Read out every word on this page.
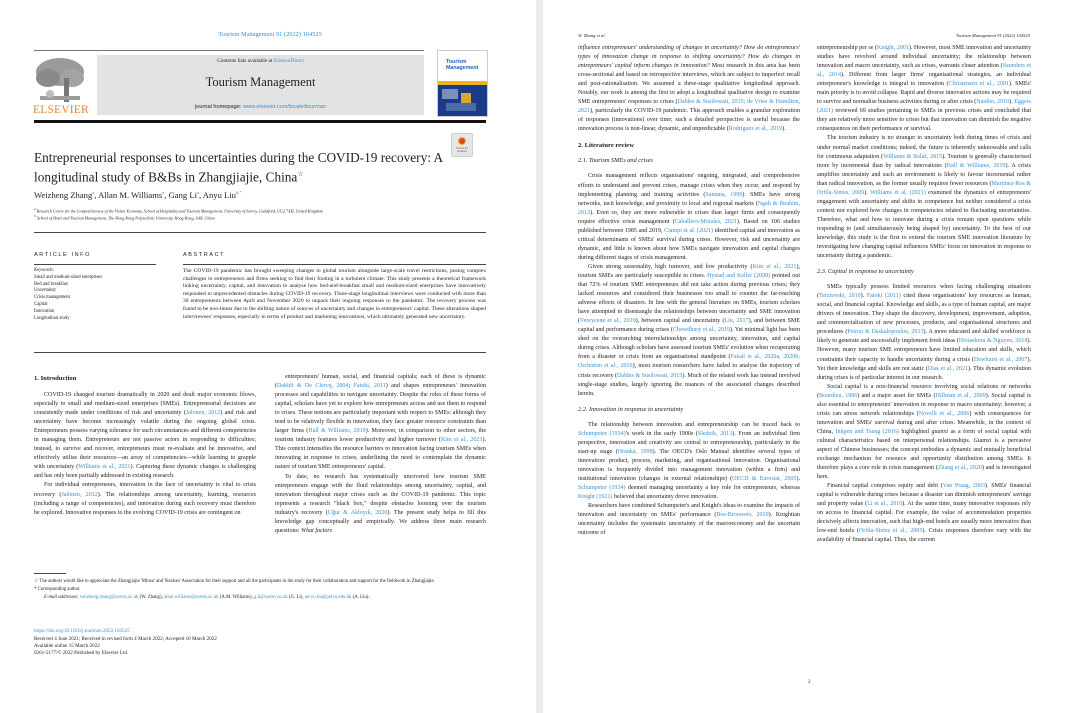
Tourism Management 91 (2022) 104525
ELSEVIER
Contents lists available at ScienceDirect
Tourism Management
journal homepage: www.elsevier.com/locate/tourman
Tourism Management
Check for updates
Entrepreneurial responses to uncertainties during the COVID-19 recovery: A longitudinal study of B&Bs in Zhangjiajie, China☆
Weizheng Zhang$^a$, Allan M. Williams$^a$, Gang Li$^a$, Anyu Liu$^{b,*}$
$^a$ Research Centre for the Competitiveness of the Visitor Economy, School of Hospitality and Tourism Management, University of Surrey, Guildford, GU2 7XH, United Kingdom
$^b$ School of Hotel and Tourism Management, The Hong Kong Polytechnic University, Hong Kong, SAR, China
ARTICLE INFO	ABSTRACT
Keywords:
Small and medium-sized enterprises
Bed and breakfast
Uncertainty
Crisis management
Capital
Innovation
Longitudinal study
The COVID-19 pandemic has brought sweeping changes to global tourism alongside large-scale travel restrictions, posing complex challenges to entrepreneurs and firms seeking to find their footing in a turbulent climate. This study presents a theoretical framework linking uncertainty, capital, and innovation to analyse how bed-and-breakfast small and medium-sized enterprises have innovatively responded to unprecedented obstacles during COVID-19 recovery. Three-stage longitudinal interviews were conducted with more than 30 entrepreneurs between April and November 2020 to unpack their ongoing responses to the pandemic. The recovery process was found to be non-linear due to the shifting nature of sources of uncertainty and changes in entrepreneurs' capital. These alterations shaped interviewees' responses, especially in terms of product and marketing innovations, which ultimately generated new uncertainty.
1. Introduction

COVID-19 changed tourism dramatically in 2020 and dealt major economic blows, especially to small and medium-sized enterprises (SMEs). Entrepreneurial decisions are consistently made under conditions of risk and uncertainty (Jalonen, 2012) and risk and uncertainty have become increasingly volatile during the ongoing global crisis. Entrepreneurs possess varying tolerance for such circumstances and different competencies in managing them. Entrepreneurs are not passive actors in responding to difficulties; instead, to survive and recover, entrepreneurs must re-evaluate and be innovative, and effectively utilise their resources—an array of competencies—while learning to grapple with uncertainty (Williams et al., 2021). Capturing these dynamic changes is challenging and has only been partially addressed in existing research.

For individual entrepreneurs, innovation in the face of uncertainty is vital to crisis recovery (Jalonen, 2012). The relationships among uncertainty, learning, resources (including a range of competencies), and innovation during such recovery must therefore be explored. Innovative responses to the evolving COVID-19 crisis are contingent on

entrepreneurs' human, social, and financial capitals; each of these is dynamic (Dakhli & De Clercq, 2004; Fatoki, 2011) and shapes entrepreneurs' innovation processes and capabilities to navigate uncertainty. Despite the roles of these forms of capital, scholars have yet to explore how entrepreneurs access and use them to respond to crises. These notions are particularly important with respect to SMEs: although they tend to be relatively flexible in innovation, they face greater resource constraints than larger firms (Hall & Williams, 2019). Moreover, in comparison to other sectors, the tourism industry features lower productivity and higher turnover (Kim et al., 2021). This context intensifies the resource barriers to innovation facing tourism SMEs when innovating in response to crises, underlining the need to contemplate the dynamic nature of tourism SME entrepreneurs' capital.

To date, no research has systematically uncovered how tourism SME entrepreneurs engage with the fluid relationships among uncertainty, capital, and innovation throughout major crises such as the COVID-19 pandemic. This topic represents a research "black box," despite obstacles looming over the tourism industry's recovery (Uğur & Akbıyık, 2020). The present study helps to fill this knowledge gap conceptually and empirically. We address three main research questions: What factors

☆ The authors would like to appreciate the Zhangjiajie 'Minsu' and 'Kezhan' Association for their support and all the participants in the study for their collaboration and support for the fieldwork in Zhangjiajie.
* Corresponding author.
E-mail addresses: weizheng.zhang@surrey.ac.uk (W. Zhang), allan.williams@surrey.ac.uk (A.M. Williams), g.li@surrey.ac.uk (G. Li), an-yu.liu@polyu.edu.hk (A. Liu).
https://doi.org/10.1016/j.tourman.2022.104525
Received 4 June 2021; Received in revised form 4 March 2022; Accepted 10 March 2022
Available online 15 March 2022
0261-5177/© 2022 Published by Elsevier Ltd.
W. Zhang et al.	Tourism Management 91 (2022) 104525

influence entrepreneurs' understanding of changes in uncertainty? How do entrepreneurs' types of innovation change in response to shifting uncertainty? How do changes in entrepreneurs' capital inform changes in innovation? Most research in this area has been cross-sectional and based on retrospective interviews, which are subject to imperfect recall and post-rationalisation. We assumed a three-stage qualitative longitudinal approach. Notably, our work is among the first to adopt a longitudinal qualitative design to examine SME entrepreneurs' responses to crises (Dahles & Susilowati, 2015; de Vries & Hamilton, 2021), particularly the COVID-19 pandemic. This approach enables a granular exploration of responses (innovations) over time; such a detailed perspective is useful because the innovation process is non-linear, dynamic, and unpredictable (Rodríguez et al., 2019).

2. Literature review
2.1. Tourism SMEs and crises

Crisis management reflects organisations' ongoing, integrated, and comprehensive efforts to understand and prevent crises, manage crises when they occur, and respond by implementing planning and training activities (Santana, 1999). SMEs have strong networks, tacit knowledge, and proximity to local and regional markets (Ngah & Ibrahim, 2012). Even so, they are more vulnerable to crises than larger firms and consequently require effective crisis management (Caballero-Morales, 2021). Based on 106 studies published between 1985 and 2019, Ciampi et al. (2021) identified capital and innovation as critical determinants of SMEs' survival during crises. However, risk and uncertainty are dynamic, and little is known about how SMEs navigate innovation and capital changes during different stages of crisis management.

Given strong seasonality, high turnover, and low productivity (Kim et al., 2021), tourism SMEs are particularly susceptible to crises. Hystad and Keller (2008) pointed out that 72% of tourism SME entrepreneurs did not take action during previous crises; they lacked resources and considered their businesses too small to counter the far-reaching adverse effects of disasters. In line with the general literature on SMEs, tourism scholars have attempted to disentangle the relationships between uncertainty and SME innovation (Vereycene et al., 2019), between capital and uncertainty (Liu, 2017), and between SME capital and performance during crises (Chowdhury et al., 2019). Yet minimal light has been shed on the overarching interrelationships among uncertainty, innovation, and capital during crises. Although scholars have assessed tourism SMEs' evolution when recuperating from a disaster or crisis from an organisational standpoint (Faisal et al., 2020a, 2020b; Orchiston et al., 2016), most tourism researchers have failed to analyse the trajectory of crisis recovery (Dahles & Susilowati, 2015). Much of the related work has instead involved single-stage studies, largely ignoring the nuances of the associated changes described herein.

2.2. Innovation in response to uncertainty

The relationship between innovation and entrepreneurship can be traced back to Schumpeter (1934)'s work in the early 1900s (Sledzik, 2013). From an individual firm perspective, innovation and creativity are central to entrepreneurship, particularly in the start-up stage (Hranka, 1998). The OECD's Oslo Manual identifies several types of innovation: product, process, marketing, and organisational innovation. Organisational innovation is frequently divided into management innovation (within a firm) and institutional innovation (changes in external relationships) (OECD & Eurostat, 2005). Schumpeter (1934) deemed managing uncertainty a key role for entrepreneurs, whereas Knight (1921) believed that uncertainty drove innovation.

Researchers have combined Schumpeter's and Knight's ideas to examine the impacts of innovation and uncertainty on SMEs' performance (Bos-Brouwers, 2010). Knightian uncertainty includes the systematic uncertainty of the macroeconomy and the uncertain outcome of

entrepreneurship per se (Knight, 2001). However, most SME innovation and uncertainty studies have revolved around individual uncertainty; the relationship between innovation and macro uncertainty, such as crises, warrants closer attention (Saunders et al., 2014). Different from larger firms' organisational strategies, an individual entrepreneur's knowledge is integral to innovation (Christensen et al., 2001). SMEs' main priority is to avoid collapse. Rapid and diverse innovative actions may be required to survive and normalise business activities during or after crisis (Naidoo, 2010). Eggers (2021) reviewed 69 studies pertaining to SMEs in previous crises and concluded that they are relatively more sensitive to crises but that innovation can diminish the negative consequences on their performance or survival.

The tourism industry is no stranger to uncertainty both during times of crisis and under normal market conditions; indeed, the future is inherently unknowable and calls for continuous adaptation (Williams & Baláž, 2015). Tourism is generally characterised more by incremental than by radical innovations (Hall & Williams, 2019). A crisis amplifies uncertainty and such an environment is likely to favour incremental rather than radical innovation, as the former usually requires fewer resources (Martinez-Ros & Orfila-Sintes, 2009). Williams et al. (2021) examined the dynamics of entrepreneurs' engagement with uncertainty and shifts in competence but neither considered a crisis context nor explored how changes in competencies related to fluctuating uncertainties. Therefore, what and how to innovate during a crisis remain open questions while responding to (and simultaneously being shaped by) uncertainty. To the best of our knowledge, this study is the first to extend the tourism SME innovation literature by investigating how changing capital influences SMEs' focus on innovation in response to uncertainty during a pandemic.

2.3. Capital in response to uncertainty

SMEs typically possess limited resources when facing challenging situations (Terziovski, 2010). Fatoki (2011) cited these organisations' key resources as human, social, and financial capital. Knowledge and skills, as a type of human capital, are major drivers of innovation. They shape the discovery, development, improvement, adoption, and commercialisation of new processes, products, and organisational structures and procedures (Petrou & Daskalopoulou, 2013). A more educated and skilled workforce is likely to generate and successfully implement fresh ideas (Diviaekera & Nguyen, 2018). However, many tourism SME entrepreneurs have limited education and skills, which constraints their capacity to handle uncertainty during a crisis (Dewhurst et al., 2007). Yet their knowledge and skills are not static (Dias et al., 2021). This dynamic evolution during crises is of particular interest in our research.

Social capital is a non-financial resource involving social relations or networks (Bourdieu, 1986) and a major asset for SMEs (Hillman et al., 2009). Social capital is also essential to entrepreneurs' innovation in response to macro uncertainty; however, a crisis can stress network relationships (Novelli et al., 2006) with consequences for innovation and SMEs' survival during and after crises. Meanwhile, in the context of China, Inkpen and Tsang (2016) highlighted guanxi as a form of social capital with cultural characteristics based on interpersonal relationships. Guanxi is a pervasive aspect of Chinese businesses; the concept embodies a dynamic and mutually beneficial exchange mechanism for resource and opportunity distribution among SMEs. It therefore plays a core role in crisis management (Zhang et al., 2020) and is investigated here.

Financial capital comprises equity and debt (Van Praag, 2003). SMEs' financial capital is vulnerable during crises because a disaster can diminish entrepreneurs' savings and property value (Li et al., 2010). At the same time, many innovative responses rely on access to financial capital. For example, the value of accommodation properties decisively affects innovation, such that high-end hotels are usually more innovative than low-end hotels (Orfila-Sintes et al., 2005). Crisis responses therefore vary with the availability of financial capital. Thus, the current

2
